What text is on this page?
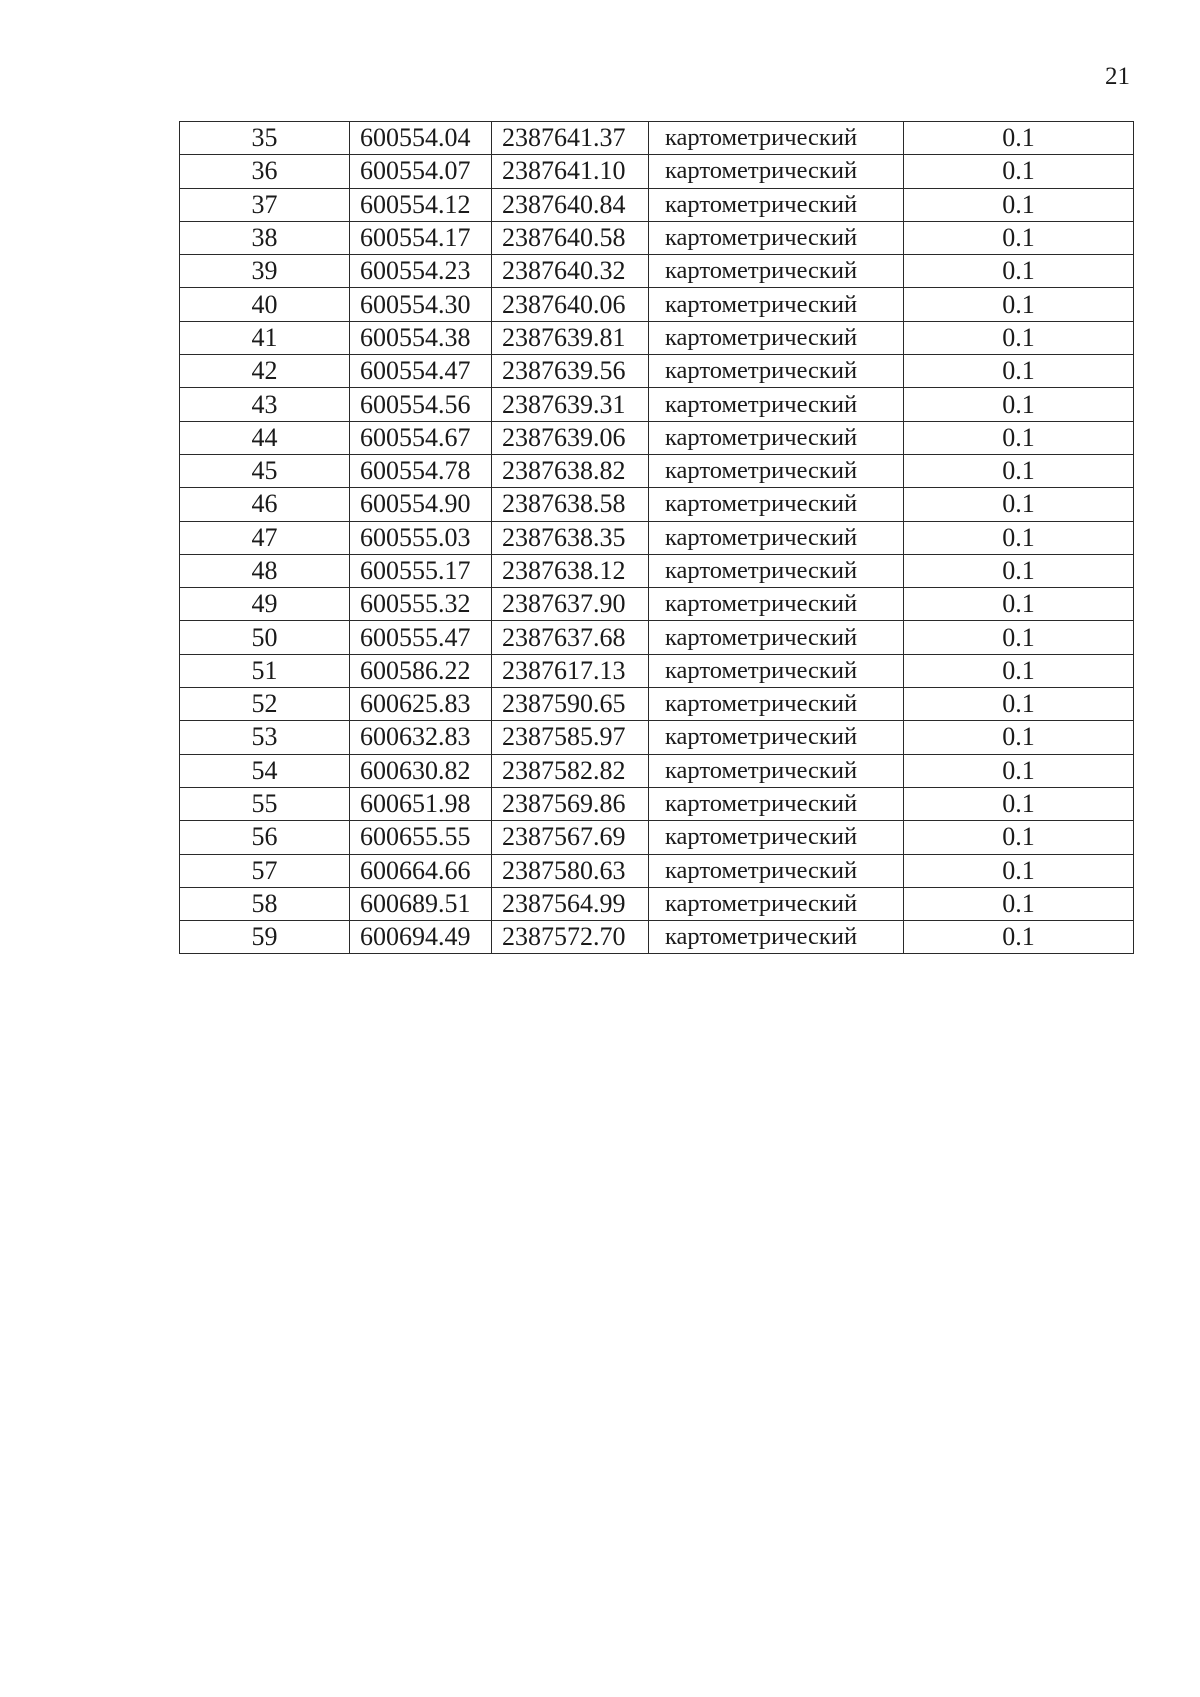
21
35	600554.04	2387641.37	картометрический	0.1
36	600554.07	2387641.10	картометрический	0.1
37	600554.12	2387640.84	картометрический	0.1
38	600554.17	2387640.58	картометрический	0.1
39	600554.23	2387640.32	картометрический	0.1
40	600554.30	2387640.06	картометрический	0.1
41	600554.38	2387639.81	картометрический	0.1
42	600554.47	2387639.56	картометрический	0.1
43	600554.56	2387639.31	картометрический	0.1
44	600554.67	2387639.06	картометрический	0.1
45	600554.78	2387638.82	картометрический	0.1
46	600554.90	2387638.58	картометрический	0.1
47	600555.03	2387638.35	картометрический	0.1
48	600555.17	2387638.12	картометрический	0.1
49	600555.32	2387637.90	картометрический	0.1
50	600555.47	2387637.68	картометрический	0.1
51	600586.22	2387617.13	картометрический	0.1
52	600625.83	2387590.65	картометрический	0.1
53	600632.83	2387585.97	картометрический	0.1
54	600630.82	2387582.82	картометрический	0.1
55	600651.98	2387569.86	картометрический	0.1
56	600655.55	2387567.69	картометрический	0.1
57	600664.66	2387580.63	картометрический	0.1
58	600689.51	2387564.99	картометрический	0.1
59	600694.49	2387572.70	картометрический	0.1
